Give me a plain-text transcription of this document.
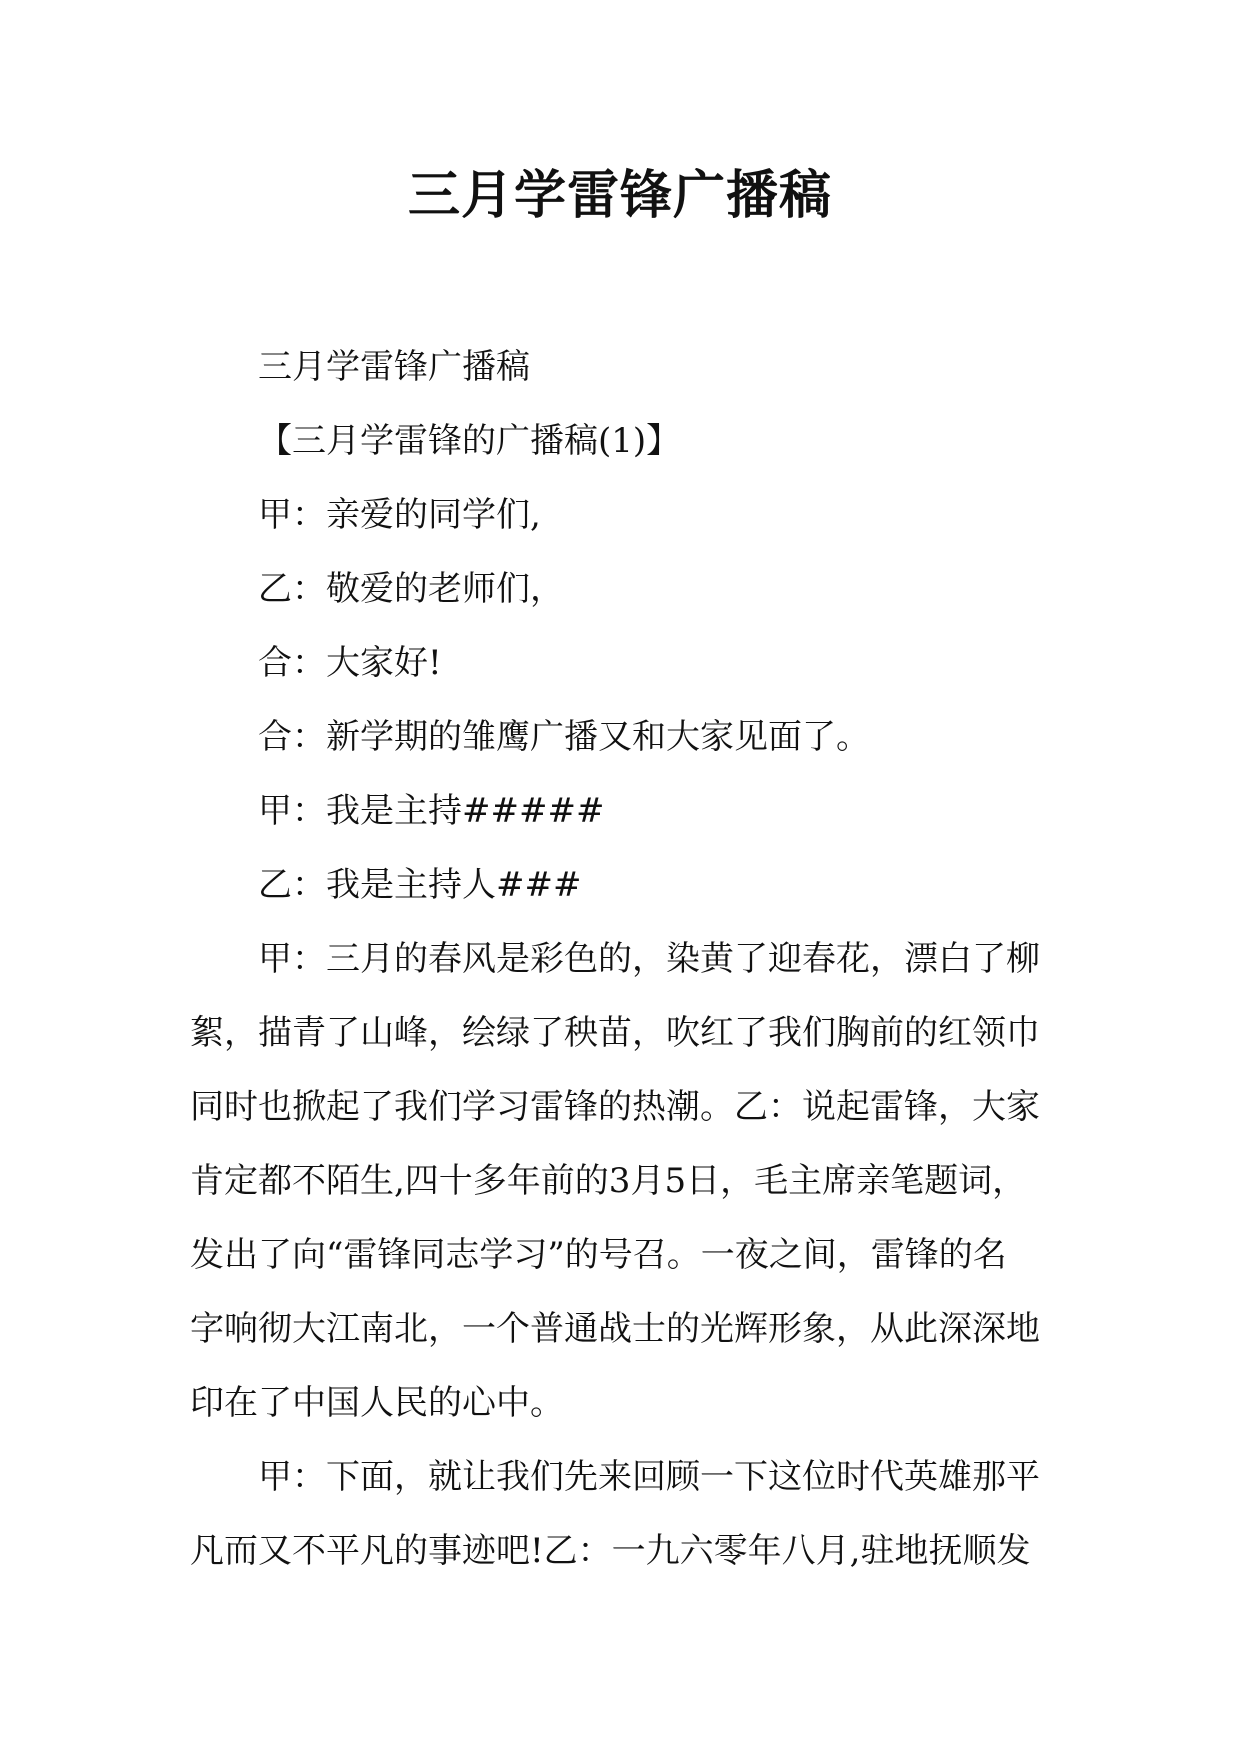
三月学雷锋广播稿
三月学雷锋广播稿
【三月学雷锋的广播稿(1)】
甲：亲爱的同学们,
乙：敬爱的老师们，
合：大家好!
合：新学期的雏鹰广播又和大家见面了。
甲：我是主持#####
乙：我是主持人###
甲：三月的春风是彩色的，染黄了迎春花，漂白了柳
絮，描青了山峰，绘绿了秧苗，吹红了我们胸前的红领巾
同时也掀起了我们学习雷锋的热潮。乙：说起雷锋，大家
肯定都不陌生,四十多年前的3月5日，毛主席亲笔题词，
发出了向“雷锋同志学习”的号召。一夜之间，雷锋的名
字响彻大江南北，一个普通战士的光辉形象，从此深深地
印在了中国人民的心中。
甲：下面，就让我们先来回顾一下这位时代英雄那平
凡而又不平凡的事迹吧!乙：一九六零年八月,驻地抚顺发
